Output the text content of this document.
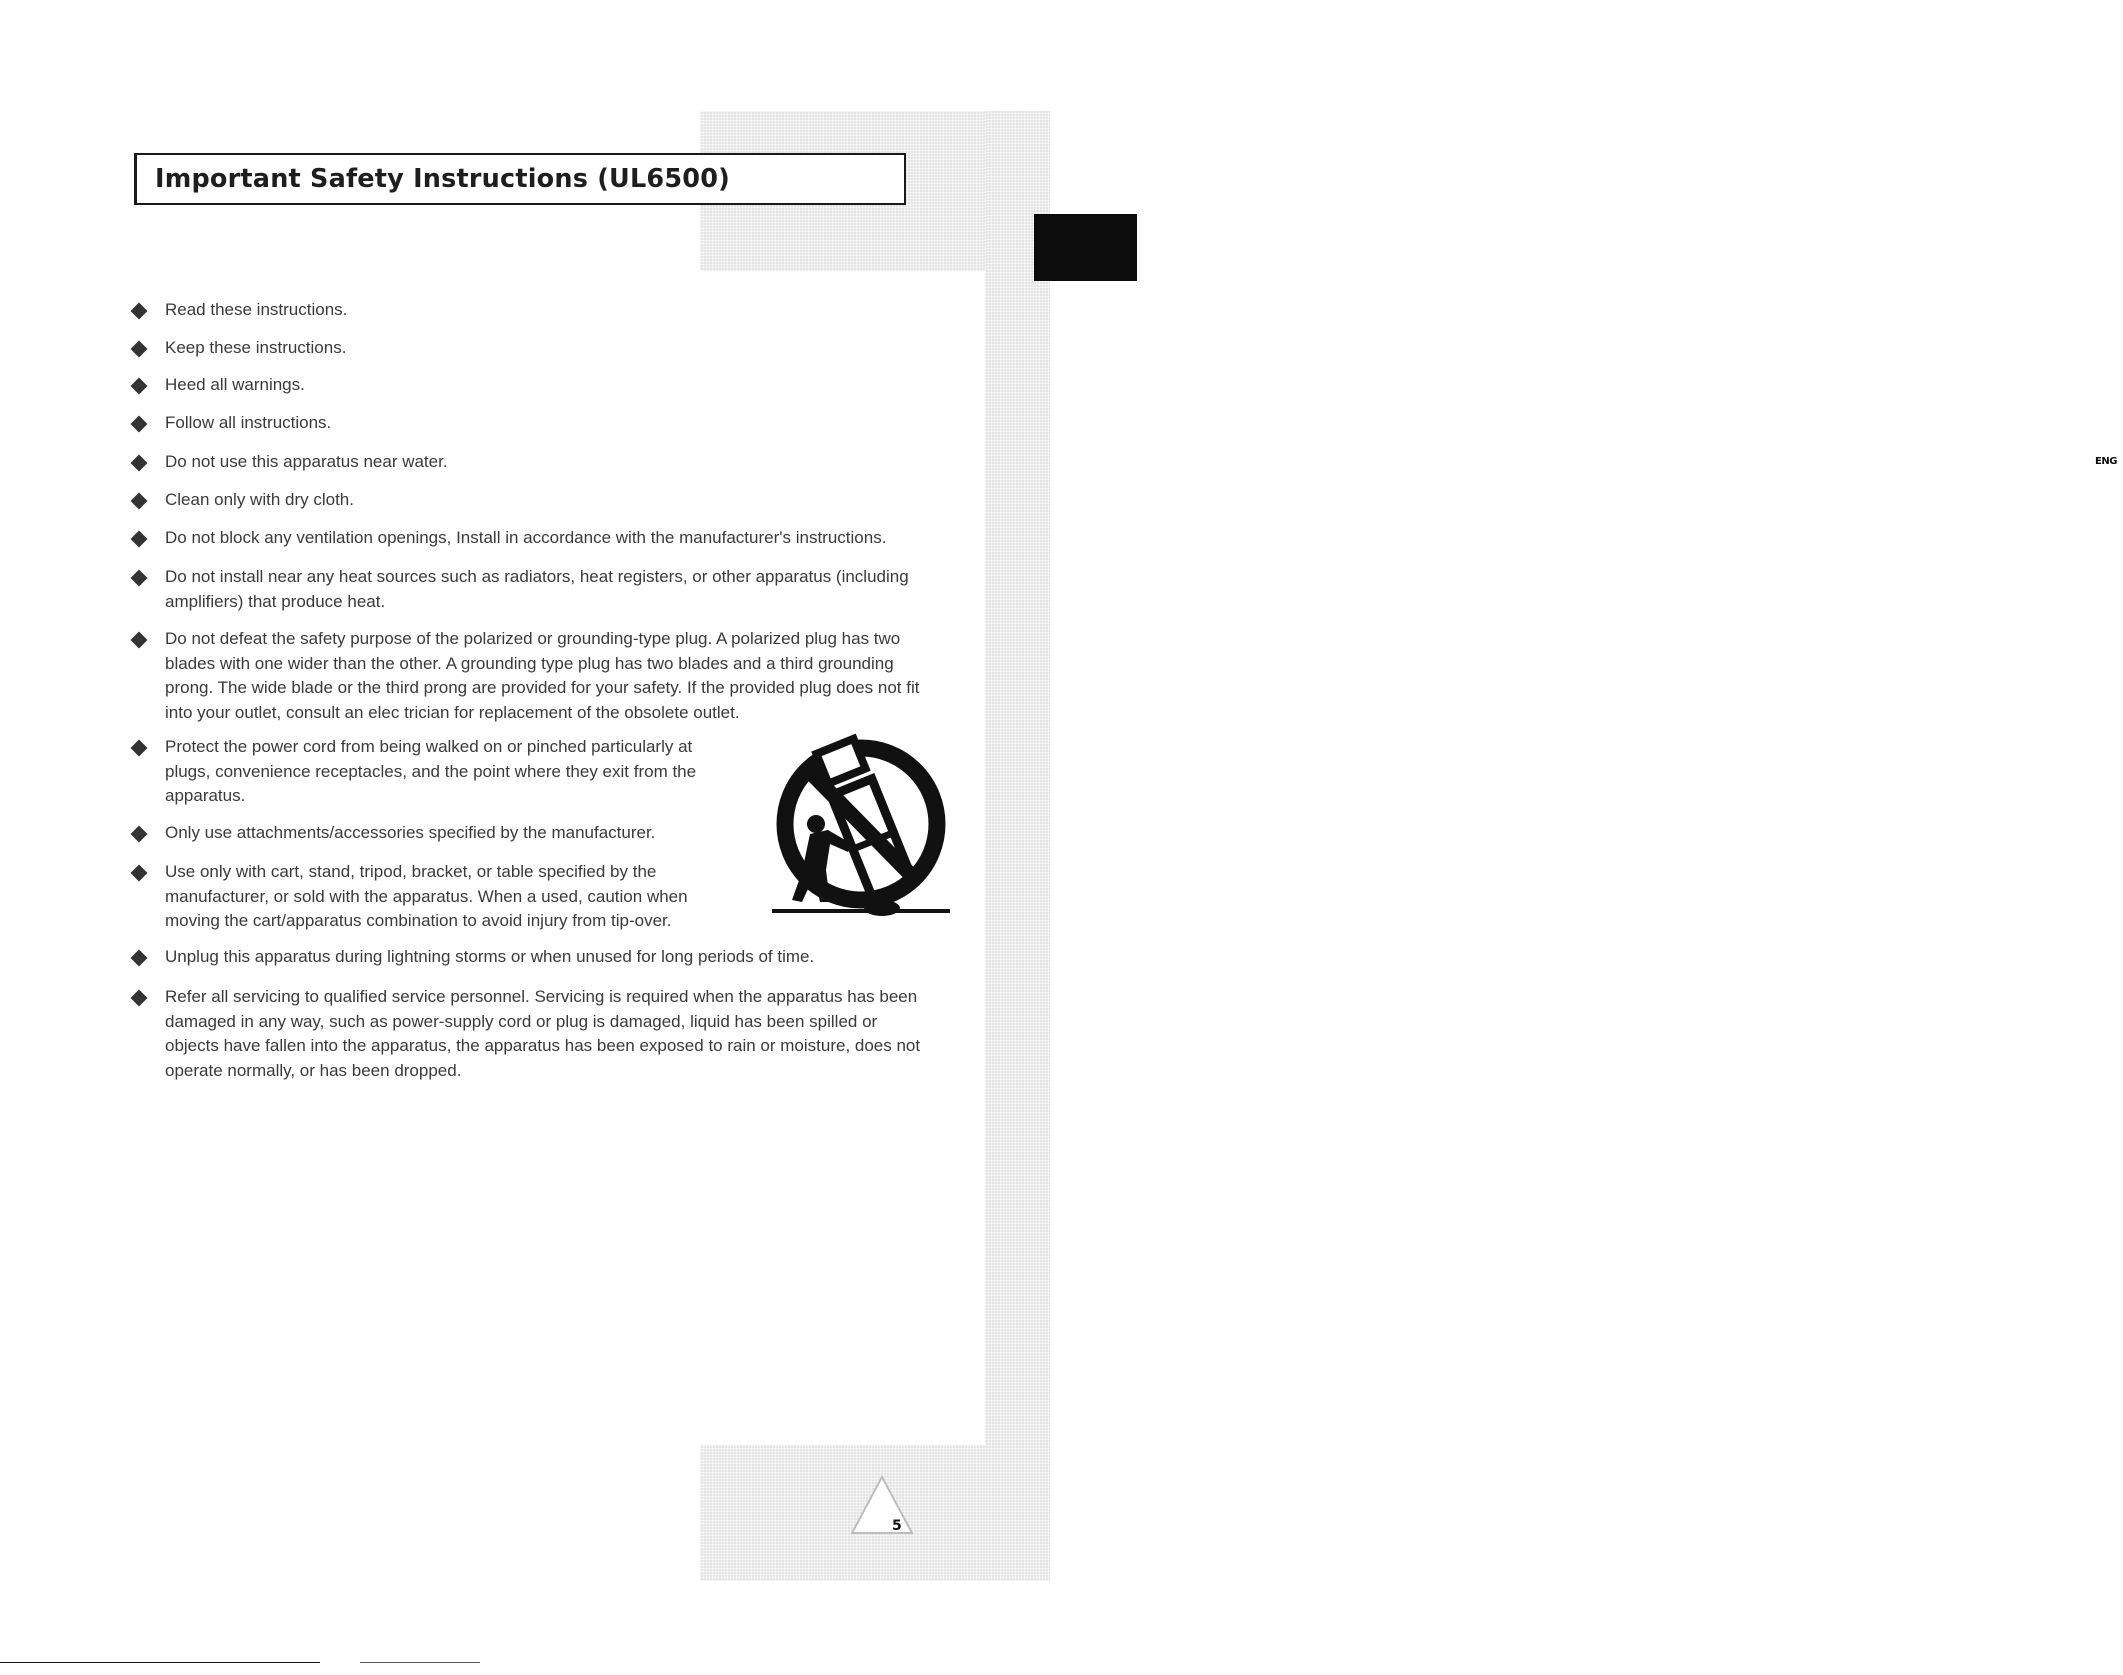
Important Safety Instructions (UL6500)
ENG
Read these instructions.
Keep these instructions.
Heed all warnings.
Follow all instructions.
Do not use this apparatus near water.
Clean only with dry cloth.
Do not block any ventilation openings, Install in accordance with the manufacturer's instructions.
Do not install near any heat sources such as radiators, heat registers, or other apparatus (including
amplifiers) that produce heat.
Do not defeat the safety purpose of the polarized or grounding-type plug. A polarized plug has two
blades with one wider than the other. A grounding type plug has two blades and a third grounding
prong. The wide blade or the third prong are provided for your safety. If the provided plug does not fit
into your outlet, consult an elec trician for replacement of the obsolete outlet.
Protect the power cord from being walked on or pinched particularly at
plugs, convenience receptacles, and the point where they exit from the
apparatus.
Only use attachments/accessories specified by the manufacturer.
Use only with cart, stand, tripod, bracket, or table specified by the
manufacturer, or sold with the apparatus. When a used, caution when
moving the cart/apparatus combination to avoid injury from tip-over.
Unplug this apparatus during lightning storms or when unused for long periods of time.
Refer all servicing to qualified service personnel. Servicing is required when the apparatus has been
damaged in any way, such as power-supply cord or plug is damaged, liquid has been spilled or
objects have fallen into the apparatus, the apparatus has been exposed to rain or moisture, does not
operate normally, or has been dropped.
5
